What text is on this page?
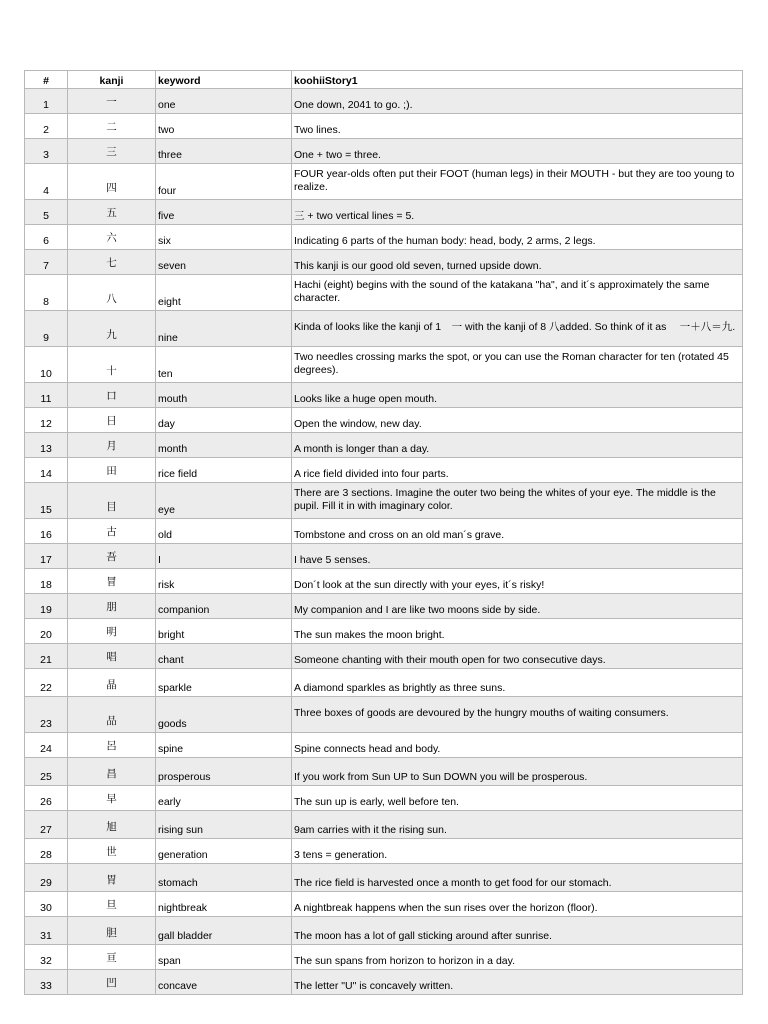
#	kanji	keyword	koohiiStory1
1	一	one	One down, 2041 to go. ;).
2	二	two	Two lines.
3	三	three	One + two = three.
4	四	four	FOUR year-olds often put their FOOT (human legs) in their MOUTH - but they are too young to realize.
5	五	five	三 + two vertical lines = 5.
6	六	six	Indicating 6 parts of the human body: head, body, 2 arms, 2 legs.
7	七	seven	This kanji is our good old seven, turned upside down.
8	八	eight	Hachi (eight) begins with the sound of the katakana "ha", and it´s approximately the same character.
9	九	nine	Kinda of looks like the kanji of 1　一 with the kanji of 8 八added. So think of it as 　一＋八＝九.
10	十	ten	Two needles crossing marks the spot, or you can use the Roman character for ten (rotated 45 degrees).
11	口	mouth	Looks like a huge open mouth.
12	日	day	Open the window, new day.
13	月	month	A month is longer than a day.
14	田	rice field	A rice field divided into four parts.
15	目	eye	There are 3 sections. Imagine the outer two being the whites of your eye. The middle is the pupil. Fill it in with imaginary color.
16	古	old	Tombstone and cross on an old man´s grave.
17	吾	I	I have 5 senses.
18	冒	risk	Don´t look at the sun directly with your eyes, it´s risky!
19	朋	companion	My companion and I are like two moons side by side.
20	明	bright	The sun makes the moon bright.
21	唱	chant	Someone chanting with their mouth open for two consecutive days.
22	晶	sparkle	A diamond sparkles as brightly as three suns.
23	品	goods	Three boxes of goods are devoured by the hungry mouths of waiting consumers.
24	呂	spine	Spine connects head and body.
25	昌	prosperous	If you work from Sun UP to Sun DOWN you will be prosperous.
26	早	early	The sun up is early, well before ten.
27	旭	rising sun	9am carries with it the rising sun.
28	世	generation	3 tens = generation.
29	胃	stomach	The rice field is harvested once a month to get food for our stomach.
30	旦	nightbreak	A nightbreak happens when the sun rises over the horizon (floor).
31	胆	gall bladder	The moon has a lot of gall sticking around after sunrise.
32	亘	span	The sun spans from horizon to horizon in a day.
33	凹	concave	The letter "U" is concavely written.
